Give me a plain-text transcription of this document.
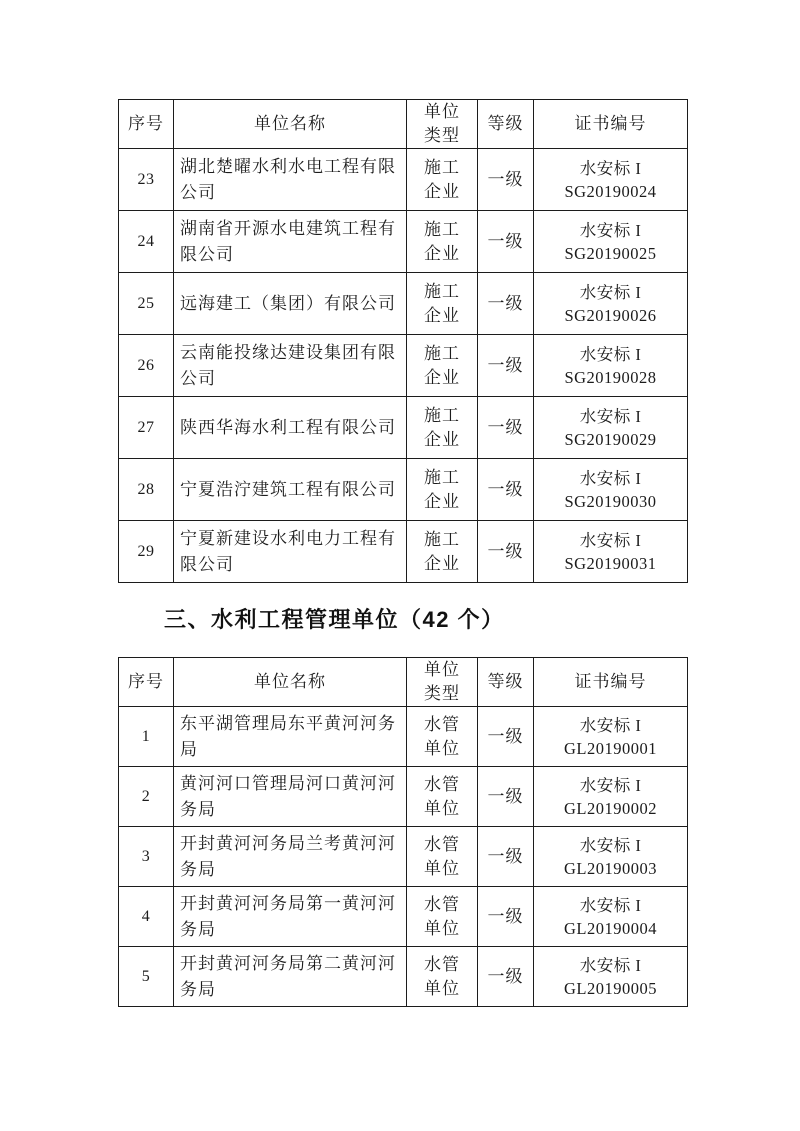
序号	单位名称	单位类型	等级	证书编号
23	湖北楚曜水利水电工程有限公司	施工企业	一级	水安标 I
SG20190024

24	湖南省开源水电建筑工程有限公司	施工企业	一级	水安标 I
SG20190025

25	远海建工（集团）有限公司	施工企业	一级	水安标 I
SG20190026

26	云南能投缘达建设集团有限公司	施工企业	一级	水安标 I
SG20190028

27	陕西华海水利工程有限公司	施工企业	一级	水安标 I
SG20190029

28	宁夏浩泞建筑工程有限公司	施工企业	一级	水安标 I
SG20190030

29	宁夏新建设水利电力工程有限公司	施工企业	一级	水安标 I
SG20190031
三、水利工程管理单位（42 个）
序号	单位名称	单位类型	等级	证书编号
1	东平湖管理局东平黄河河务局	水管单位	一级	水安标 I
GL20190001

2	黄河河口管理局河口黄河河务局	水管单位	一级	水安标 I
GL20190002

3	开封黄河河务局兰考黄河河务局	水管单位	一级	水安标 I
GL20190003

4	开封黄河河务局第一黄河河务局	水管单位	一级	水安标 I
GL20190004

5	开封黄河河务局第二黄河河务局	水管单位	一级	水安标 I
GL20190005
